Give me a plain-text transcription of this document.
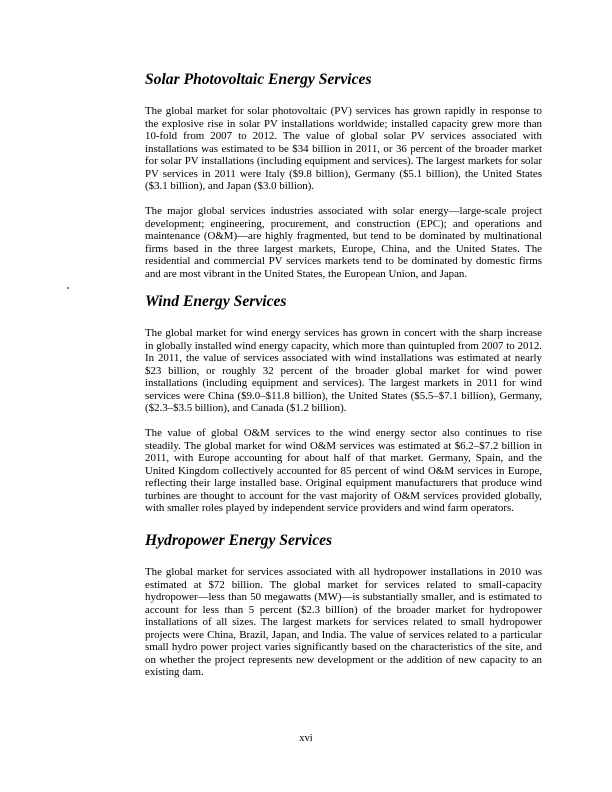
Solar Photovoltaic Energy Services

The global market for solar photovoltaic (PV) services has grown rapidly in response to the explosive rise in solar PV installations worldwide; installed capacity grew more than 10-fold from 2007 to 2012. The value of global solar PV services associated with installations was estimated to be $34 billion in 2011, or 36 percent of the broader market for solar PV installations (including equipment and services). The largest markets for solar PV services in 2011 were Italy ($9.8 billion), Germany ($5.1 billion), the United States ($3.1 billion), and Japan ($3.0 billion).

The major global services industries associated with solar energy—large-scale project development; engineering, procurement, and construction (EPC); and operations and maintenance (O&M)—are highly fragmented, but tend to be dominated by multinational firms based in the three largest markets, Europe, China, and the United States. The residential and commercial PV services markets tend to be dominated by domestic firms and are most vibrant in the United States, the European Union, and Japan.

Wind Energy Services

The global market for wind energy services has grown in concert with the sharp increase in globally installed wind energy capacity, which more than quintupled from 2007 to 2012. In 2011, the value of services associated with wind installations was estimated at nearly $23 billion, or roughly 32 percent of the broader global market for wind power installations (including equipment and services). The largest markets in 2011 for wind services were China ($9.0–$11.8 billion), the United States ($5.5–$7.1 billion), Germany, ($2.3–$3.5 billion), and Canada ($1.2 billion).

The value of global O&M services to the wind energy sector also continues to rise steadily. The global market for wind O&M services was estimated at $6.2–$7.2 billion in 2011, with Europe accounting for about half of that market. Germany, Spain, and the United Kingdom collectively accounted for 85 percent of wind O&M services in Europe, reflecting their large installed base. Original equipment manufacturers that produce wind turbines are thought to account for the vast majority of O&M services provided globally, with smaller roles played by independent service providers and wind farm operators.

Hydropower Energy Services

The global market for services associated with all hydropower installations in 2010 was estimated at $72 billion. The global market for services related to small-capacity hydropower—less than 50 megawatts (MW)—is substantially smaller, and is estimated to account for less than 5 percent ($2.3 billion) of the broader market for hydropower installations of all sizes. The largest markets for services related to small hydropower projects were China, Brazil, Japan, and India. The value of services related to a particular small hydro power project varies significantly based on the characteristics of the site, and on whether the project represents new development or the addition of new capacity to an existing dam.

xvi
